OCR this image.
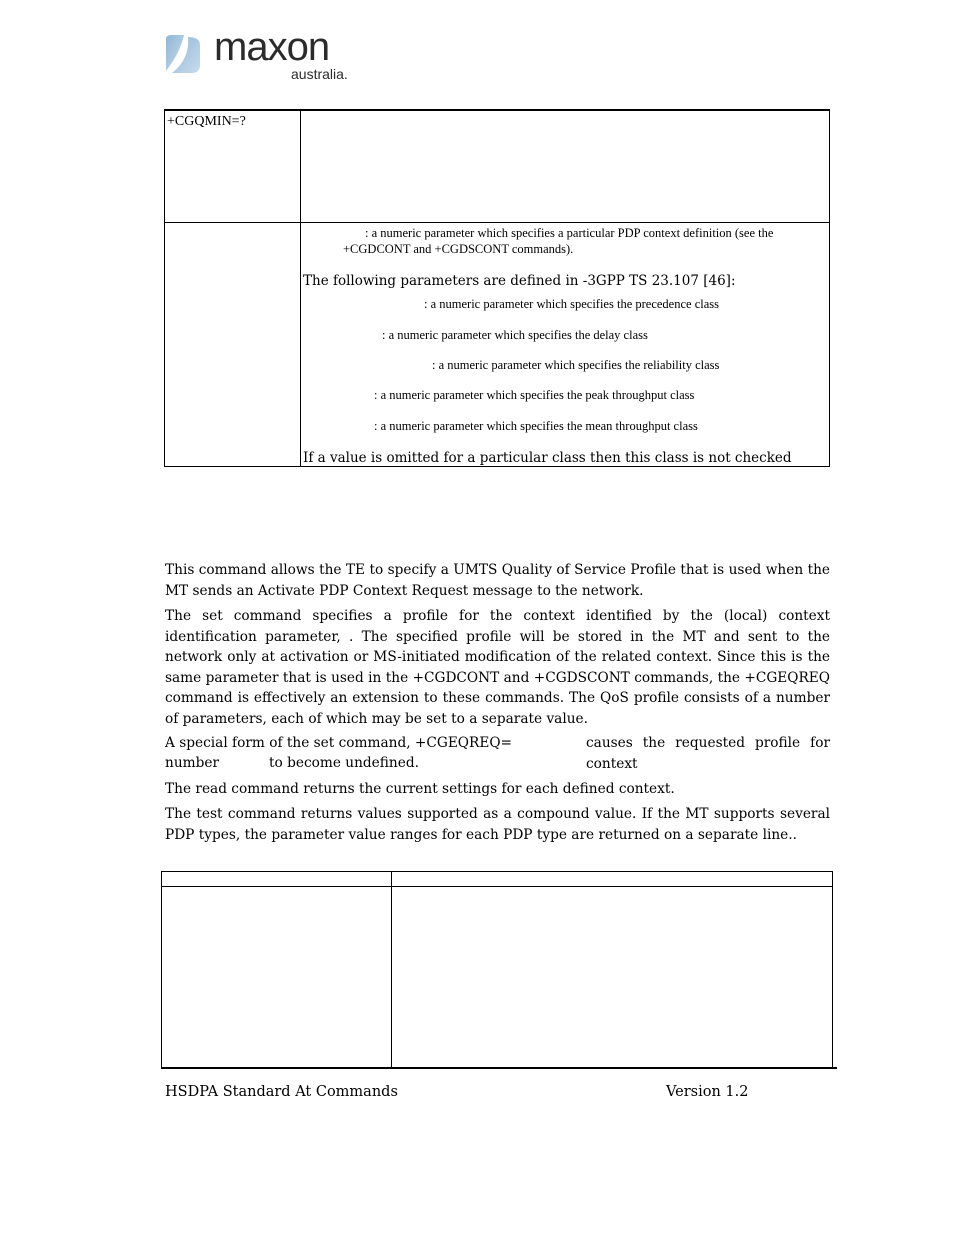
maxon
australia.
+CGQMIN=?
: a numeric parameter which specifies a particular PDP context definition (see the
+CGDCONT and +CGDSCONT commands).
The following parameters are defined in -3GPP TS 23.107 [46]:
: a numeric parameter which specifies the precedence class
: a numeric parameter which specifies the delay class
: a numeric parameter which specifies the reliability class
: a numeric parameter which specifies the peak throughput class
: a numeric parameter which specifies the mean throughput class
If a value is omitted for a particular class then this class is not checked
This command allows the TE to specify a UMTS Quality of Service Profile that is used when the MT sends an Activate PDP Context Request message to the network.
The set command specifies a profile for the context identified by the (local) context identification parameter, . The specified profile will be stored in the MT and sent to the network only at activation or MS-initiated modification of the related context. Since this is the same parameter that is used in the +CGDCONT and +CGDSCONT commands, the +CGEQREQ command is effectively an extension to these commands. The QoS profile consists of a number of parameters, each of which may be set to a separate value.
A special form of the set command, +CGEQREQ=	causes the requested profile for context
number	to become undefined.
The read command returns the current settings for each defined context.
The test command returns values supported as a compound value. If the MT supports several PDP types, the parameter value ranges for each PDP type are returned on a separate line..
HSDPA Standard At Commands	Version 1.2
